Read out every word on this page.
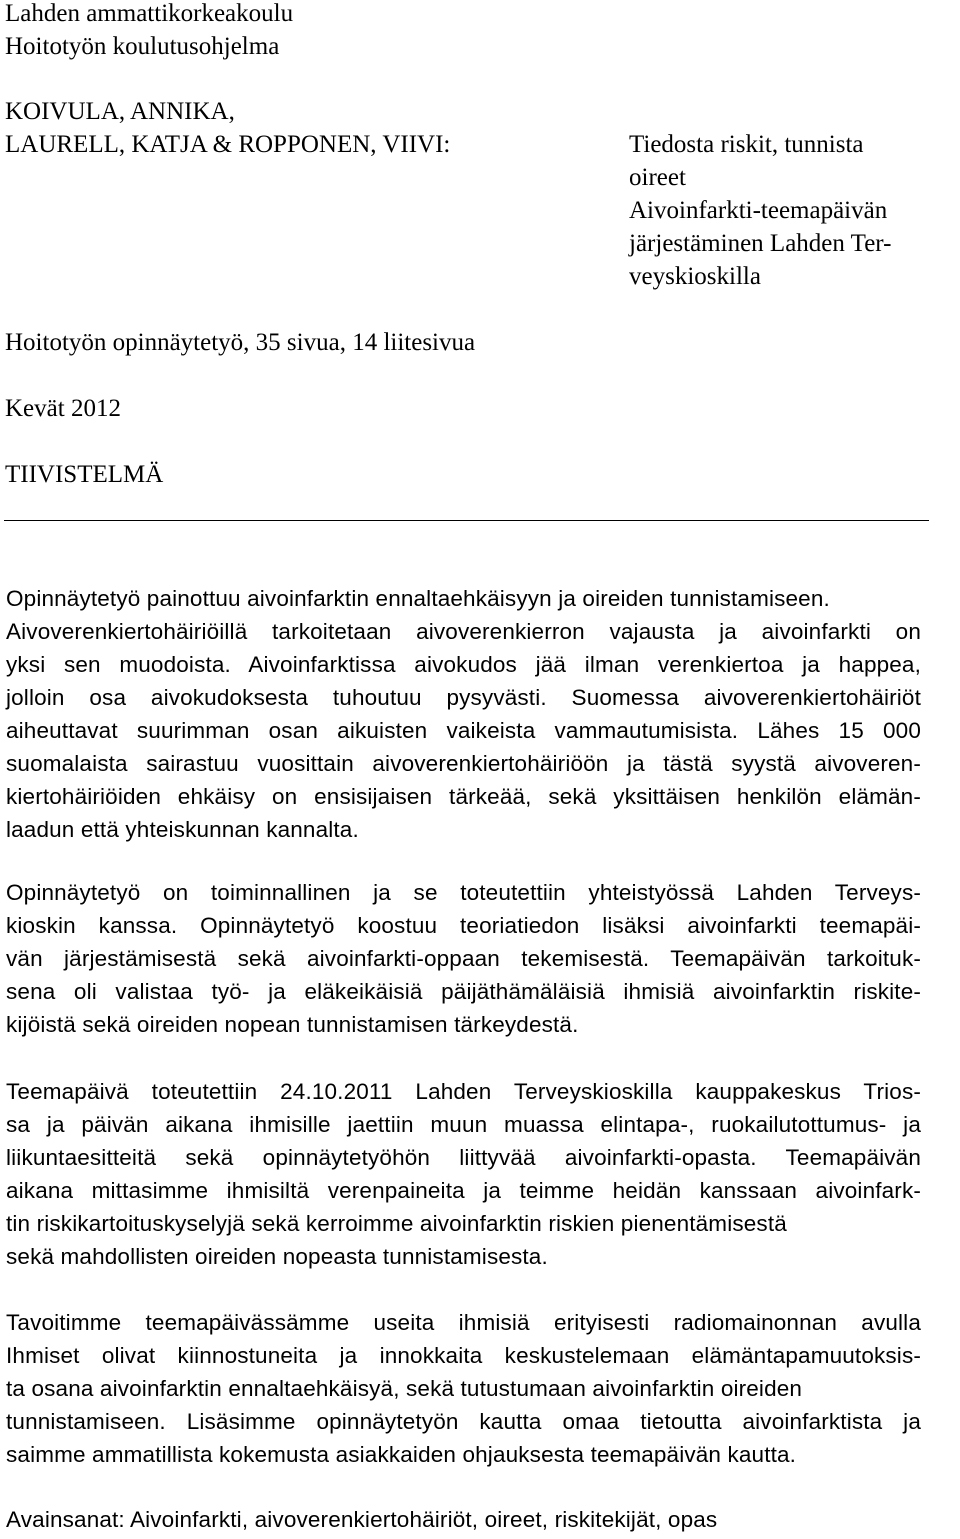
Lahden ammattikorkeakoulu
Hoitotyön koulutusohjelma
KOIVULA, ANNIKA,
LAURELL, KATJA & ROPPONEN, VIIVI:	Tiedosta riskit, tunnista
oireet
Aivoinfarkti-teemapäivän
järjestäminen Lahden Ter-
veyskioskilla

Hoitotyön opinnäytetyö, 35 sivua, 14 liitesivua

Kevät 2012

TIIVISTELMÄ

Opinnäytetyö painottuu aivoinfarktin ennaltaehkäisyyn ja oireiden tunnistamiseen.
Aivoverenkiertohäiriöillä tarkoitetaan aivoverenkierron vajausta ja aivoinfarkti on
yksi sen muodoista. Aivoinfarktissa aivokudos jää ilman verenkiertoa ja happea,
jolloin osa aivokudoksesta tuhoutuu pysyvästi. Suomessa aivoverenkiertohäiriöt
aiheuttavat suurimman osan aikuisten vaikeista vammautumisista. Lähes 15 000
suomalaista sairastuu vuosittain aivoverenkiertohäiriöön ja tästä syystä aivoveren-
kiertohäiriöiden ehkäisy on ensisijaisen tärkeää, sekä yksittäisen henkilön elämän-
laadun että yhteiskunnan kannalta.
Opinnäytetyö on toiminnallinen ja se toteutettiin yhteistyössä Lahden Terveys-
kioskin kanssa. Opinnäytetyö koostuu teoriatiedon lisäksi aivoinfarkti teemapäi-
vän järjestämisestä sekä aivoinfarkti-oppaan tekemisestä. Teemapäivän tarkoituk-
sena oli valistaa työ- ja eläkeikäisiä päijäthämäläisiä ihmisiä aivoinfarktin riskite-
kijöistä sekä oireiden nopean tunnistamisen tärkeydestä.
Teemapäivä toteutettiin 24.10.2011 Lahden Terveyskioskilla kauppakeskus Trios-
sa ja päivän aikana ihmisille jaettiin muun muassa elintapa-, ruokailutottumus- ja
liikuntaesitteitä sekä opinnäytetyöhön liittyvää aivoinfarkti-opasta. Teemapäivän
aikana mittasimme ihmisiltä verenpaineita ja teimme heidän kanssaan aivoinfark-
tin riskikartoituskyselyjä sekä kerroimme aivoinfarktin riskien pienentämisestä
sekä mahdollisten oireiden nopeasta tunnistamisesta.
Tavoitimme teemapäivässämme useita ihmisiä erityisesti radiomainonnan avulla
Ihmiset olivat kiinnostuneita ja innokkaita keskustelemaan elämäntapamuutoksis-
ta osana aivoinfarktin ennaltaehkäisyä, sekä tutustumaan aivoinfarktin oireiden
tunnistamiseen. Lisäsimme opinnäytetyön kautta omaa tietoutta aivoinfarktista ja
saimme ammatillista kokemusta asiakkaiden ohjauksesta teemapäivän kautta.

Avainsanat: Aivoinfarkti, aivoverenkiertohäiriöt, oireet, riskitekijät, opas
